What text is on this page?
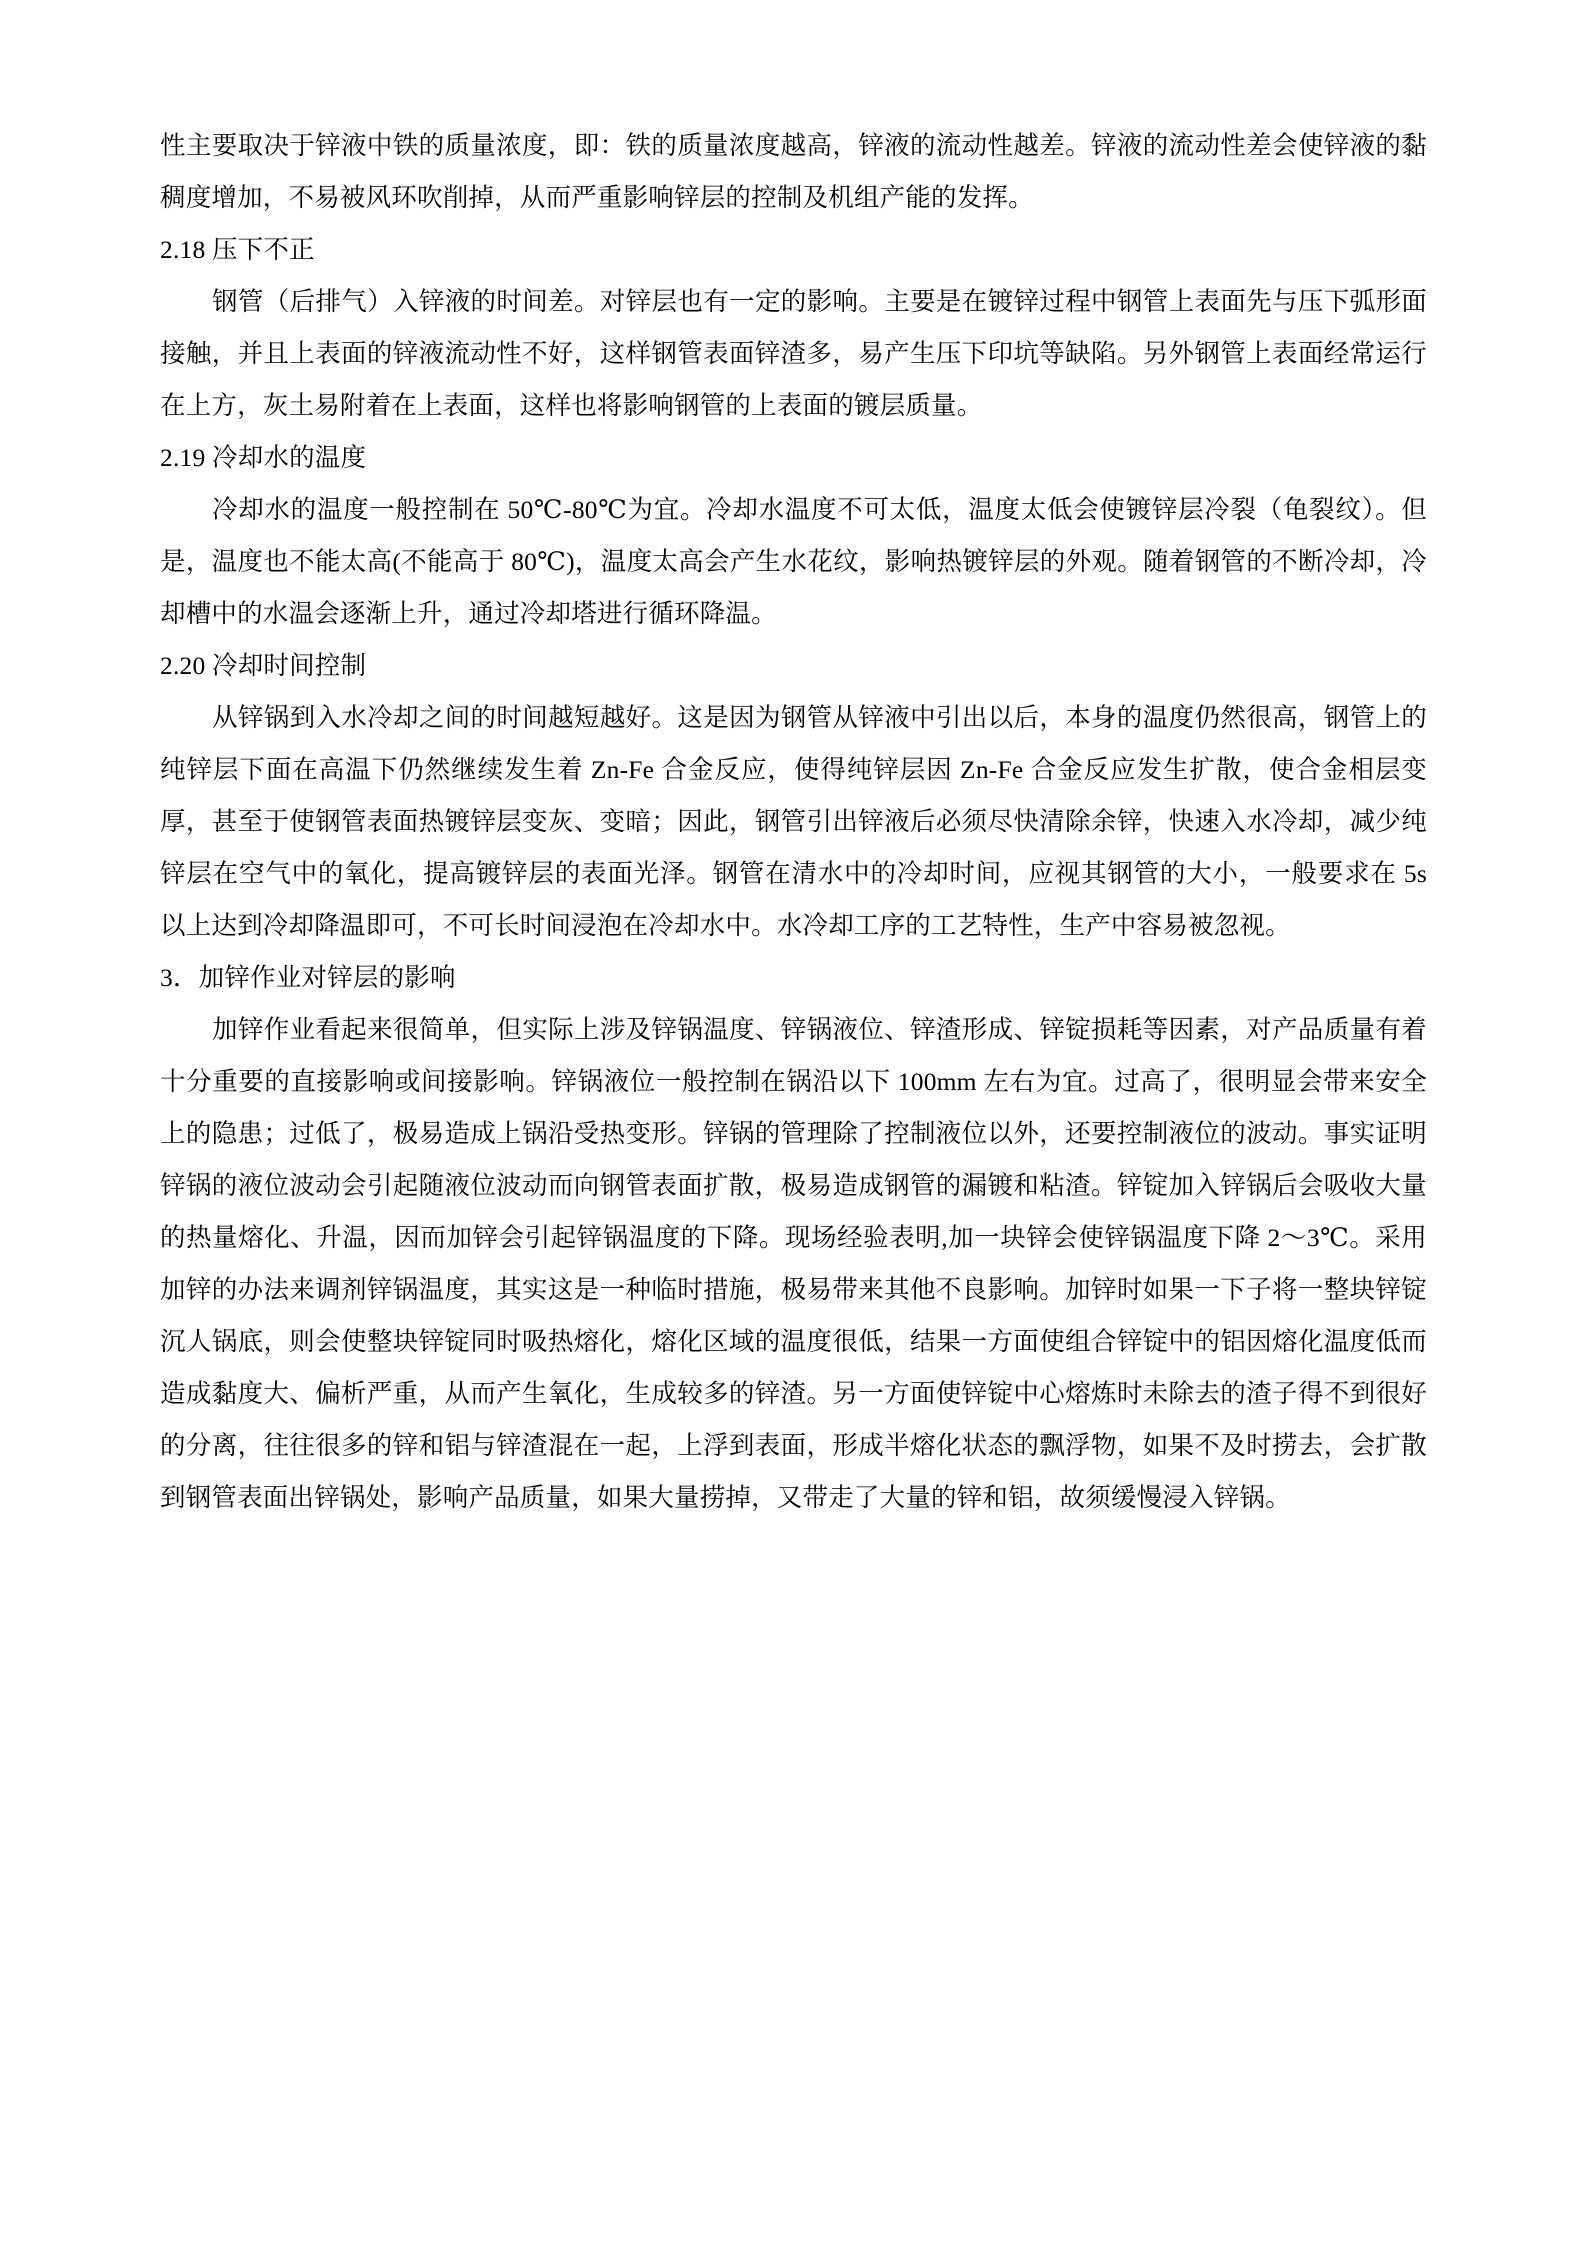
性主要取决于锌液中铁的质量浓度，即：铁的质量浓度越高，锌液的流动性越差。锌液的流动性差会使锌液的黏稠度增加，不易被风环吹削掉，从而严重影响锌层的控制及机组产能的发挥。

2.18 压下不正

钢管（后排气）入锌液的时间差。对锌层也有一定的影响。主要是在镀锌过程中钢管上表面先与压下弧形面接触，并且上表面的锌液流动性不好，这样钢管表面锌渣多，易产生压下印坑等缺陷。另外钢管上表面经常运行在上方，灰土易附着在上表面，这样也将影响钢管的上表面的镀层质量。

2.19 冷却水的温度

冷却水的温度一般控制在 50℃-80℃为宜。冷却水温度不可太低，温度太低会使镀锌层冷裂（龟裂纹）。但是，温度也不能太高(不能高于 80℃)，温度太高会产生水花纹，影响热镀锌层的外观。随着钢管的不断冷却，冷却槽中的水温会逐渐上升，通过冷却塔进行循环降温。

2.20 冷却时间控制

从锌锅到入水冷却之间的时间越短越好。这是因为钢管从锌液中引出以后，本身的温度仍然很高，钢管上的纯锌层下面在高温下仍然继续发生着 Zn-Fe 合金反应，使得纯锌层因 Zn-Fe 合金反应发生扩散，使合金相层变厚，甚至于使钢管表面热镀锌层变灰、变暗；因此，钢管引出锌液后必须尽快清除余锌，快速入水冷却，减少纯锌层在空气中的氧化，提高镀锌层的表面光泽。钢管在清水中的冷却时间，应视其钢管的大小，一般要求在 5s 以上达到冷却降温即可，不可长时间浸泡在冷却水中。水冷却工序的工艺特性，生产中容易被忽视。

3．加锌作业对锌层的影响

加锌作业看起来很简单，但实际上涉及锌锅温度、锌锅液位、锌渣形成、锌锭损耗等因素，对产品质量有着十分重要的直接影响或间接影响。锌锅液位一般控制在锅沿以下 100mm 左右为宜。过高了，很明显会带来安全上的隐患；过低了，极易造成上锅沿受热变形。锌锅的管理除了控制液位以外，还要控制液位的波动。事实证明锌锅的液位波动会引起随液位波动而向钢管表面扩散，极易造成钢管的漏镀和粘渣。锌锭加入锌锅后会吸收大量的热量熔化、升温，因而加锌会引起锌锅温度的下降。现场经验表明,加一块锌会使锌锅温度下降 2～3℃。采用加锌的办法来调剂锌锅温度，其实这是一种临时措施，极易带来其他不良影响。加锌时如果一下子将一整块锌锭沉人锅底，则会使整块锌锭同时吸热熔化，熔化区域的温度很低，结果一方面使组合锌锭中的铝因熔化温度低而造成黏度大、偏析严重，从而产生氧化，生成较多的锌渣。另一方面使锌锭中心熔炼时未除去的渣子得不到很好的分离，往往很多的锌和铝与锌渣混在一起，上浮到表面，形成半熔化状态的飘浮物，如果不及时捞去，会扩散到钢管表面出锌锅处，影响产品质量，如果大量捞掉，又带走了大量的锌和铝，故须缓慢浸入锌锅。
